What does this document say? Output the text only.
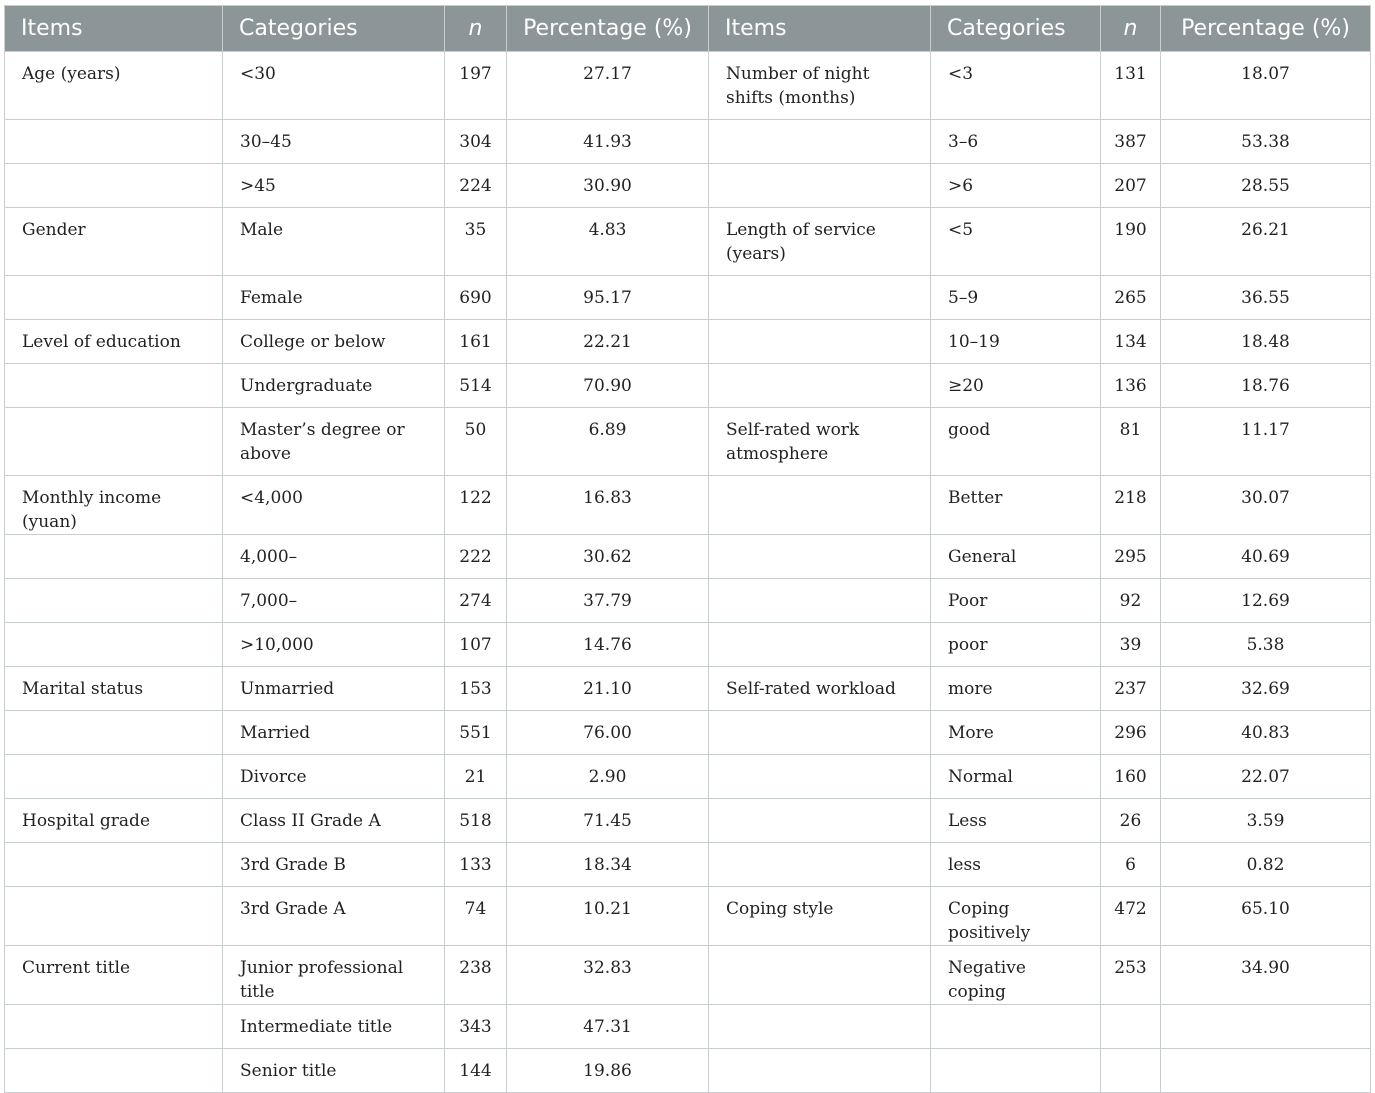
Items	Categories	n	Percentage (%)	Items	Categories	n	Percentage (%)
Age (years)	<30	197	27.17	Number of night shifts (months)	<3	131	18.07
	30–45	304	41.93		3–6	387	53.38
	>45	224	30.90		>6	207	28.55
Gender	Male	35	4.83	Length of service (years)	<5	190	26.21
	Female	690	95.17		5–9	265	36.55
Level of education	College or below	161	22.21		10–19	134	18.48
	Undergraduate	514	70.90		≥20	136	18.76
	Master’s degree or above	50	6.89	Self-rated work atmosphere	good	81	11.17
Monthly income (yuan)	<4,000	122	16.83		Better	218	30.07
	4,000–	222	30.62		General	295	40.69
	7,000–	274	37.79		Poor	92	12.69
	>10,000	107	14.76		poor	39	5.38
Marital status	Unmarried	153	21.10	Self-rated workload	more	237	32.69
	Married	551	76.00		More	296	40.83
	Divorce	21	2.90		Normal	160	22.07
Hospital grade	Class II Grade A	518	71.45		Less	26	3.59
	3rd Grade B	133	18.34		less	6	0.82
	3rd Grade A	74	10.21	Coping style	Coping positively	472	65.10
Current title	Junior professional title	238	32.83		Negative coping	253	34.90
	Intermediate title	343	47.31				
	Senior title	144	19.86				
